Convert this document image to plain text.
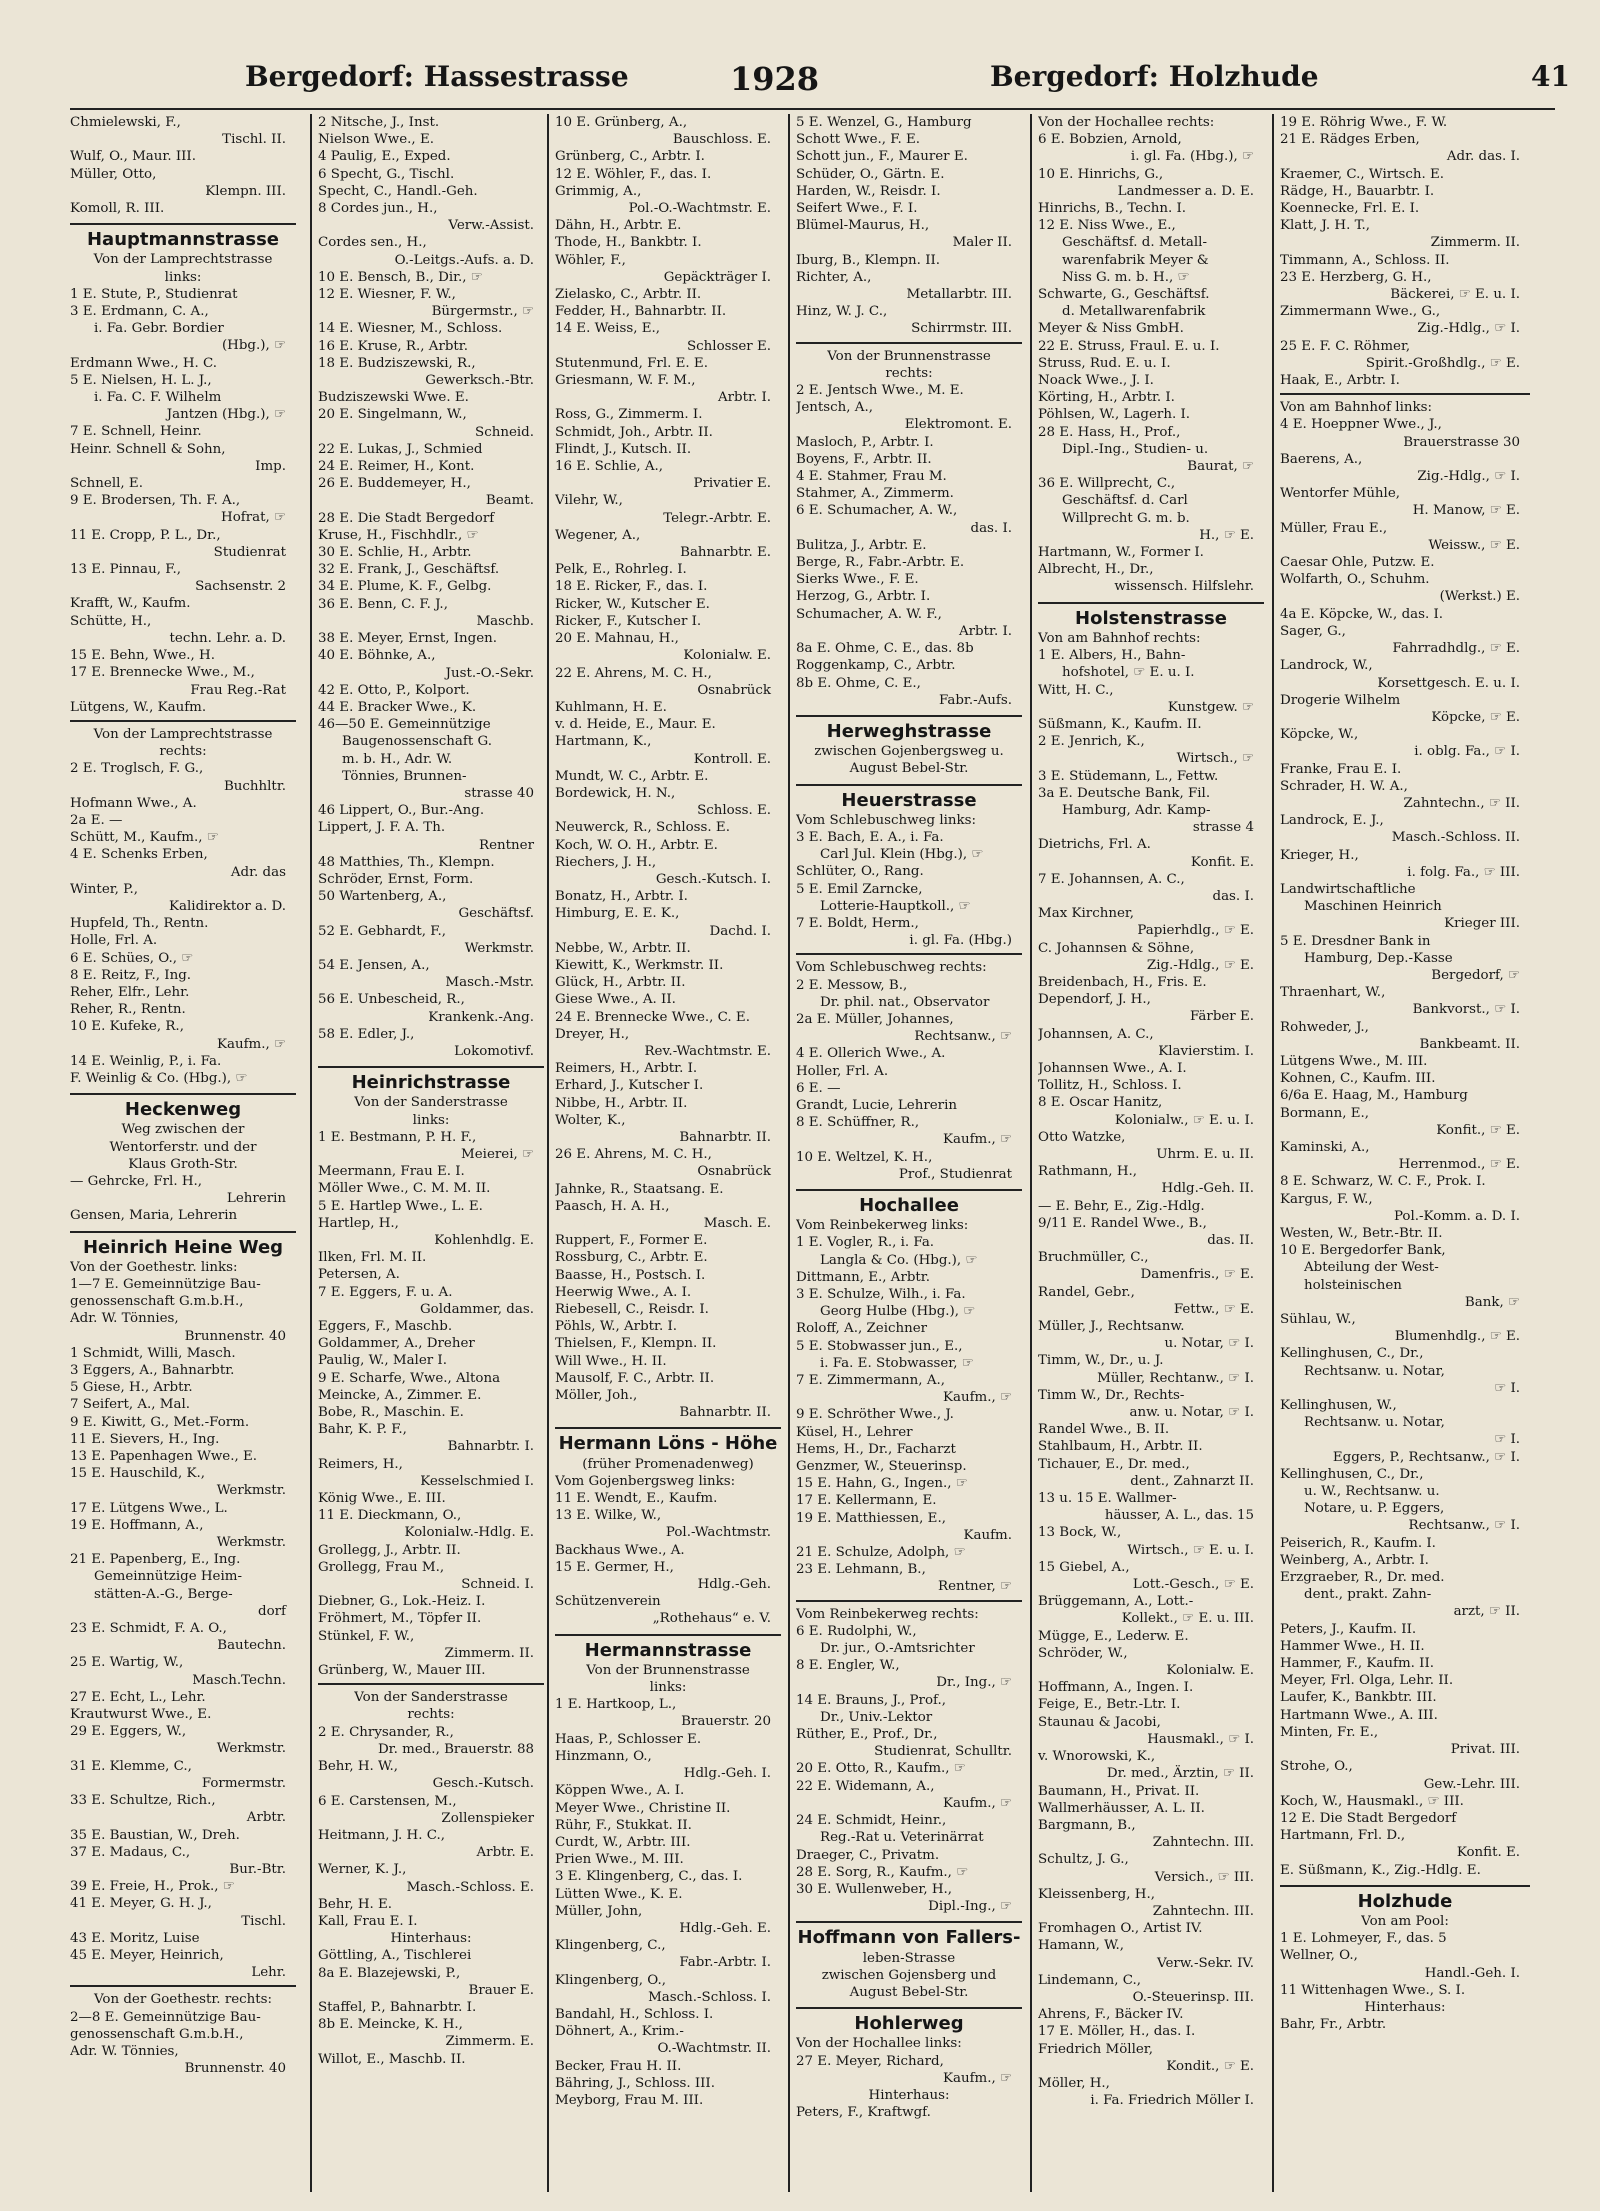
Bergedorf: Hassestrasse	1928	Bergedorf: Holzhude	41
Chmielewski, F.,
Tischl. II.
Wulf, O., Maur. III.
Müller, Otto,
Klempn. III.
Komoll, R. III.
Hauptmannstrasse
Von der Lamprechtstrasse
links:
1 E. Stute, P., Studienrat
3 E. Erdmann, C. A.,
i. Fa. Gebr. Bordier
(Hbg.), ☞
Erdmann Wwe., H. C.
5 E. Nielsen, H. L. J.,
i. Fa. C. F. Wilhelm
Jantzen (Hbg.), ☞
7 E. Schnell, Heinr.
Heinr. Schnell & Sohn,
Imp.
Schnell, E.
9 E. Brodersen, Th. F. A.,
Hofrat, ☞
11 E. Cropp, P. L., Dr.,
Studienrat
13 E. Pinnau, F.,
Sachsenstr. 2
Krafft, W., Kaufm.
Schütte, H.,
techn. Lehr. a. D.
15 E. Behn, Wwe., H.
17 E. Brennecke Wwe., M.,
Frau Reg.-Rat
Lütgens, W., Kaufm.
Von der Lamprechtstrasse
rechts:
2 E. Troglsch, F. G.,
Buchhltr.
Hofmann Wwe., A.
2a E. —
Schütt, M., Kaufm., ☞
4 E. Schenks Erben,
Adr. das
Winter, P.,
Kalidirektor a. D.
Hupfeld, Th., Rentn.
Holle, Frl. A.
6 E. Schües, O., ☞
8 E. Reitz, F., Ing.
Reher, Elfr., Lehr.
Reher, R., Rentn.
10 E. Kufeke, R.,
Kaufm., ☞
14 E. Weinlig, P., i. Fa.
F. Weinlig & Co. (Hbg.), ☞
Heckenweg
Weg zwischen der
Wentorferstr. und der
Klaus Groth-Str.
— Gehrcke, Frl. H.,
Lehrerin
Gensen, Maria, Lehrerin
Heinrich Heine Weg
Von der Goethestr. links:
1—7 E. Gemeinnützige Bau-
genossenschaft G.m.b.H.,
Adr. W. Tönnies,
Brunnenstr. 40
1 Schmidt, Willi, Masch.
3 Eggers, A., Bahnarbtr.
5 Giese, H., Arbtr.
7 Seifert, A., Mal.
9 E. Kiwitt, G., Met.-Form.
11 E. Sievers, H., Ing.
13 E. Papenhagen Wwe., E.
15 E. Hauschild, K.,
Werkmstr.
17 E. Lütgens Wwe., L.
19 E. Hoffmann, A.,
Werkmstr.
21 E. Papenberg, E., Ing.
Gemeinnützige Heim-
stätten-A.-G., Berge-
dorf
23 E. Schmidt, F. A. O.,
Bautechn.
25 E. Wartig, W.,
Masch.Techn.
27 E. Echt, L., Lehr.
Krautwurst Wwe., E.
29 E. Eggers, W.,
Werkmstr.
31 E. Klemme, C.,
Formermstr.
33 E. Schultze, Rich.,
Arbtr.
35 E. Baustian, W., Dreh.
37 E. Madaus, C.,
Bur.-Btr.
39 E. Freie, H., Prok., ☞
41 E. Meyer, G. H. J.,
Tischl.
43 E. Moritz, Luise
45 E. Meyer, Heinrich,
Lehr.
Von der Goethestr. rechts:
2—8 E. Gemeinnützige Bau-
genossenschaft G.m.b.H.,
Adr. W. Tönnies,
Brunnenstr. 40
2 Nitsche, J., Inst.
Nielson Wwe., E.
4 Paulig, E., Exped.
6 Specht, G., Tischl.
Specht, C., Handl.-Geh.
8 Cordes jun., H.,
Verw.-Assist.
Cordes sen., H.,
O.-Leitgs.-Aufs. a. D.
10 E. Bensch, B., Dir., ☞
12 E. Wiesner, F. W.,
Bürgermstr., ☞
14 E. Wiesner, M., Schloss.
16 E. Kruse, R., Arbtr.
18 E. Budziszewski, R.,
Gewerksch.-Btr.
Budziszewski Wwe. E.
20 E. Singelmann, W.,
Schneid.
22 E. Lukas, J., Schmied
24 E. Reimer, H., Kont.
26 E. Buddemeyer, H.,
Beamt.
28 E. Die Stadt Bergedorf
Kruse, H., Fischhdlr., ☞
30 E. Schlie, H., Arbtr.
32 E. Frank, J., Geschäftsf.
34 E. Plume, K. F., Gelbg.
36 E. Benn, C. F. J.,
Maschb.
38 E. Meyer, Ernst, Ingen.
40 E. Böhnke, A.,
Just.-O.-Sekr.
42 E. Otto, P., Kolport.
44 E. Bracker Wwe., K.
46—50 E. Gemeinnützige
Baugenossenschaft G.
m. b. H., Adr. W.
Tönnies, Brunnen-
strasse 40
46 Lippert, O., Bur.-Ang.
Lippert, J. F. A. Th.
Rentner
48 Matthies, Th., Klempn.
Schröder, Ernst, Form.
50 Wartenberg, A.,
Geschäftsf.
52 E. Gebhardt, F.,
Werkmstr.
54 E. Jensen, A.,
Masch.-Mstr.
56 E. Unbescheid, R.,
Krankenk.-Ang.
58 E. Edler, J.,
Lokomotivf.
Heinrichstrasse
Von der Sanderstrasse
links:
1 E. Bestmann, P. H. F.,
Meierei, ☞
Meermann, Frau E. I.
Möller Wwe., C. M. M. II.
5 E. Hartlep Wwe., L. E.
Hartlep, H.,
Kohlenhdlg. E.
Ilken, Frl. M. II.
Petersen, A.
7 E. Eggers, F. u. A.
Goldammer, das.
Eggers, F., Maschb.
Goldammer, A., Dreher
Paulig, W., Maler I.
9 E. Scharfe, Wwe., Altona
Meincke, A., Zimmer. E.
Bobe, R., Maschin. E.
Bahr, K. P. F.,
Bahnarbtr. I.
Reimers, H.,
Kesselschmied I.
König Wwe., E. III.
11 E. Dieckmann, O.,
Kolonialw.-Hdlg. E.
Grollegg, J., Arbtr. II.
Grollegg, Frau M.,
Schneid. I.
Diebner, G., Lok.-Heiz. I.
Fröhmert, M., Töpfer II.
Stünkel, F. W.,
Zimmerm. II.
Grünberg, W., Mauer III.
Von der Sanderstrasse
rechts:
2 E. Chrysander, R.,
Dr. med., Brauerstr. 88
Behr, H. W.,
Gesch.-Kutsch.
6 E. Carstensen, M.,
Zollenspieker
Heitmann, J. H. C.,
Arbtr. E.
Werner, K. J.,
Masch.-Schloss. E.
Behr, H. E.
Kall, Frau E. I.
Hinterhaus:
Göttling, A., Tischlerei
8a E. Blazejewski, P.,
Brauer E.
Staffel, P., Bahnarbtr. I.
8b E. Meincke, K. H.,
Zimmerm. E.
Willot, E., Maschb. II.
10 E. Grünberg, A.,
Bauschloss. E.
Grünberg, C., Arbtr. I.
12 E. Wöhler, F., das. I.
Grimmig, A.,
Pol.-O.-Wachtmstr. E.
Dähn, H., Arbtr. E.
Thode, H., Bankbtr. I.
Wöhler, F.,
Gepäckträger I.
Zielasko, C., Arbtr. II.
Fedder, H., Bahnarbtr. II.
14 E. Weiss, E.,
Schlosser E.
Stutenmund, Frl. E. E.
Griesmann, W. F. M.,
Arbtr. I.
Ross, G., Zimmerm. I.
Schmidt, Joh., Arbtr. II.
Flindt, J., Kutsch. II.
16 E. Schlie, A.,
Privatier E.
Vilehr, W.,
Telegr.-Arbtr. E.
Wegener, A.,
Bahnarbtr. E.
Pelk, E., Rohrleg. I.
18 E. Ricker, F., das. I.
Ricker, W., Kutscher E.
Ricker, F., Kutscher I.
20 E. Mahnau, H.,
Kolonialw. E.
22 E. Ahrens, M. C. H.,
Osnabrück
Kuhlmann, H. E.
v. d. Heide, E., Maur. E.
Hartmann, K.,
Kontroll. E.
Mundt, W. C., Arbtr. E.
Bordewick, H. N.,
Schloss. E.
Neuwerck, R., Schloss. E.
Koch, W. O. H., Arbtr. E.
Riechers, J. H.,
Gesch.-Kutsch. I.
Bonatz, H., Arbtr. I.
Himburg, E. E. K.,
Dachd. I.
Nebbe, W., Arbtr. II.
Kiewitt, K., Werkmstr. II.
Glück, H., Arbtr. II.
Giese Wwe., A. II.
24 E. Brennecke Wwe., C. E.
Dreyer, H.,
Rev.-Wachtmstr. E.
Reimers, H., Arbtr. I.
Erhard, J., Kutscher I.
Nibbe, H., Arbtr. II.
Wolter, K.,
Bahnarbtr. II.
26 E. Ahrens, M. C. H.,
Osnabrück
Jahnke, R., Staatsang. E.
Paasch, H. A. H.,
Masch. E.
Ruppert, F., Former E.
Rossburg, C., Arbtr. E.
Baasse, H., Postsch. I.
Heerwig Wwe., A. I.
Riebesell, C., Reisdr. I.
Pöhls, W., Arbtr. I.
Thielsen, F., Klempn. II.
Will Wwe., H. II.
Mausolf, F. C., Arbtr. II.
Möller, Joh.,
Bahnarbtr. II.
Hermann Löns - Höhe
(früher Promenadenweg)
Vom Gojenbergsweg links:
11 E. Wendt, E., Kaufm.
13 E. Wilke, W.,
Pol.-Wachtmstr.
Backhaus Wwe., A.
15 E. Germer, H.,
Hdlg.-Geh.
Schützenverein
„Rothehaus“ e. V.
Hermannstrasse
Von der Brunnenstrasse
links:
1 E. Hartkoop, L.,
Brauerstr. 20
Haas, P., Schlosser E.
Hinzmann, O.,
Hdlg.-Geh. I.
Köppen Wwe., A. I.
Meyer Wwe., Christine II.
Rühr, F., Stukkat. II.
Curdt, W., Arbtr. III.
Prien Wwe., M. III.
3 E. Klingenberg, C., das. I.
Lütten Wwe., K. E.
Müller, John,
Hdlg.-Geh. E.
Klingenberg, C.,
Fabr.-Arbtr. I.
Klingenberg, O.,
Masch.-Schloss. I.
Bandahl, H., Schloss. I.
Döhnert, A., Krim.-
O.-Wachtmstr. II.
Becker, Frau H. II.
Bähring, J., Schloss. III.
Meyborg, Frau M. III.
5 E. Wenzel, G., Hamburg
Schott Wwe., F. E.
Schott jun., F., Maurer E.
Schüder, O., Gärtn. E.
Harden, W., Reisdr. I.
Seifert Wwe., F. I.
Blümel-Maurus, H.,
Maler II.
Iburg, B., Klempn. II.
Richter, A.,
Metallarbtr. III.
Hinz, W. J. C.,
Schirrmstr. III.
Von der Brunnenstrasse
rechts:
2 E. Jentsch Wwe., M. E.
Jentsch, A.,
Elektromont. E.
Masloch, P., Arbtr. I.
Boyens, F., Arbtr. II.
4 E. Stahmer, Frau M.
Stahmer, A., Zimmerm.
6 E. Schumacher, A. W.,
das. I.
Bulitza, J., Arbtr. E.
Berge, R., Fabr.-Arbtr. E.
Sierks Wwe., F. E.
Herzog, G., Arbtr. I.
Schumacher, A. W. F.,
Arbtr. I.
8a E. Ohme, C. E., das. 8b
Roggenkamp, C., Arbtr.
8b E. Ohme, C. E.,
Fabr.-Aufs.
Herweghstrasse
zwischen Gojenbergsweg u.
August Bebel-Str.
Heuerstrasse
Vom Schlebuschweg links:
3 E. Bach, E. A., i. Fa.
Carl Jul. Klein (Hbg.), ☞
Schlüter, O., Rang.
5 E. Emil Zarncke,
Lotterie-Hauptkoll., ☞
7 E. Boldt, Herm.,
i. gl. Fa. (Hbg.)
Vom Schlebuschweg rechts:
2 E. Messow, B.,
Dr. phil. nat., Observator
2a E. Müller, Johannes,
Rechtsanw., ☞
4 E. Ollerich Wwe., A.
Holler, Frl. A.
6 E. —
Grandt, Lucie, Lehrerin
8 E. Schüffner, R.,
Kaufm., ☞
10 E. Weltzel, K. H.,
Prof., Studienrat
Hochallee
Vom Reinbekerweg links:
1 E. Vogler, R., i. Fa.
Langla & Co. (Hbg.), ☞
Dittmann, E., Arbtr.
3 E. Schulze, Wilh., i. Fa.
Georg Hulbe (Hbg.), ☞
Roloff, A., Zeichner
5 E. Stobwasser jun., E.,
i. Fa. E. Stobwasser, ☞
7 E. Zimmermann, A.,
Kaufm., ☞
9 E. Schröther Wwe., J.
Küsel, H., Lehrer
Hems, H., Dr., Facharzt
Genzmer, W., Steuerinsp.
15 E. Hahn, G., Ingen., ☞
17 E. Kellermann, E.
19 E. Matthiessen, E.,
Kaufm.
21 E. Schulze, Adolph, ☞
23 E. Lehmann, B.,
Rentner, ☞
Vom Reinbekerweg rechts:
6 E. Rudolphi, W.,
Dr. jur., O.-Amtsrichter
8 E. Engler, W.,
Dr., Ing., ☞
14 E. Brauns, J., Prof.,
Dr., Univ.-Lektor
Rüther, E., Prof., Dr.,
Studienrat, Schulltr.
20 E. Otto, R., Kaufm., ☞
22 E. Widemann, A.,
Kaufm., ☞
24 E. Schmidt, Heinr.,
Reg.-Rat u. Veterinärrat
Draeger, C., Privatm.
28 E. Sorg, R., Kaufm., ☞
30 E. Wullenweber, H.,
Dipl.-Ing., ☞
Hoffmann von Fallers-
leben-Strasse
zwischen Gojensberg und
August Bebel-Str.
Hohlerweg
Von der Hochallee links:
27 E. Meyer, Richard,
Kaufm., ☞
Hinterhaus:
Peters, F., Kraftwgf.
Von der Hochallee rechts:
6 E. Bobzien, Arnold,
i. gl. Fa. (Hbg.), ☞
10 E. Hinrichs, G.,
Landmesser a. D. E.
Hinrichs, B., Techn. I.
12 E. Niss Wwe., E.,
Geschäftsf. d. Metall-
warenfabrik Meyer &
Niss G. m. b. H., ☞
Schwarte, G., Geschäftsf.
d. Metallwarenfabrik
Meyer & Niss GmbH.
22 E. Struss, Fraul. E. u. I.
Struss, Rud. E. u. I.
Noack Wwe., J. I.
Körting, H., Arbtr. I.
Pöhlsen, W., Lagerh. I.
28 E. Hass, H., Prof.,
Dipl.-Ing., Studien- u.
Baurat, ☞
36 E. Willprecht, C.,
Geschäftsf. d. Carl
Willprecht G. m. b.
H., ☞ E.
Hartmann, W., Former I.
Albrecht, H., Dr.,
wissensch. Hilfslehr.
Holstenstrasse
Von am Bahnhof rechts:
1 E. Albers, H., Bahn-
hofshotel, ☞ E. u. I.
Witt, H. C.,
Kunstgew. ☞
Süßmann, K., Kaufm. II.
2 E. Jenrich, K.,
Wirtsch., ☞
3 E. Stüdemann, L., Fettw.
3a E. Deutsche Bank, Fil.
Hamburg, Adr. Kamp-
strasse 4
Dietrichs, Frl. A.
Konfit. E.
7 E. Johannsen, A. C.,
das. I.
Max Kirchner,
Papierhdlg., ☞ E.
C. Johannsen & Söhne,
Zig.-Hdlg., ☞ E.
Breidenbach, H., Fris. E.
Dependorf, J. H.,
Färber E.
Johannsen, A. C.,
Klavierstim. I.
Johannsen Wwe., A. I.
Tollitz, H., Schloss. I.
8 E. Oscar Hanitz,
Kolonialw., ☞ E. u. I.
Otto Watzke,
Uhrm. E. u. II.
Rathmann, H.,
Hdlg.-Geh. II.
— E. Behr, E., Zig.-Hdlg.
9/11 E. Randel Wwe., B.,
das. II.
Bruchmüller, C.,
Damenfris., ☞ E.
Randel, Gebr.,
Fettw., ☞ E.
Müller, J., Rechtsanw.
u. Notar, ☞ I.
Timm, W., Dr., u. J.
Müller, Rechtanw., ☞ I.
Timm W., Dr., Rechts-
anw. u. Notar, ☞ I.
Randel Wwe., B. II.
Stahlbaum, H., Arbtr. II.
Tichauer, E., Dr. med.,
dent., Zahnarzt II.
13 u. 15 E. Wallmer-
häusser, A. L., das. 15
13 Bock, W.,
Wirtsch., ☞ E. u. I.
15 Giebel, A.,
Lott.-Gesch., ☞ E.
Brüggemann, A., Lott.-
Kollekt., ☞ E. u. III.
Mügge, E., Lederw. E.
Schröder, W.,
Kolonialw. E.
Hoffmann, A., Ingen. I.
Feige, E., Betr.-Ltr. I.
Staunau & Jacobi,
Hausmakl., ☞ I.
v. Wnorowski, K.,
Dr. med., Ärztin, ☞ II.
Baumann, H., Privat. II.
Wallmerhäusser, A. L. II.
Bargmann, B.,
Zahntechn. III.
Schultz, J. G.,
Versich., ☞ III.
Kleissenberg, H.,
Zahntechn. III.
Fromhagen O., Artist IV.
Hamann, W.,
Verw.-Sekr. IV.
Lindemann, C.,
O.-Steuerinsp. III.
Ahrens, F., Bäcker IV.
17 E. Möller, H., das. I.
Friedrich Möller,
Kondit., ☞ E.
Möller, H.,
i. Fa. Friedrich Möller I.
19 E. Röhrig Wwe., F. W.
21 E. Rädges Erben,
Adr. das. I.
Kraemer, C., Wirtsch. E.
Rädge, H., Bauarbtr. I.
Koennecke, Frl. E. I.
Klatt, J. H. T.,
Zimmerm. II.
Timmann, A., Schloss. II.
23 E. Herzberg, G. H.,
Bäckerei, ☞ E. u. I.
Zimmermann Wwe., G.,
Zig.-Hdlg., ☞ I.
25 E. F. C. Röhmer,
Spirit.-Großhdlg., ☞ E.
Haak, E., Arbtr. I.
Von am Bahnhof links:
4 E. Hoeppner Wwe., J.,
Brauerstrasse 30
Baerens, A.,
Zig.-Hdlg., ☞ I.
Wentorfer Mühle,
H. Manow, ☞ E.
Müller, Frau E.,
Weissw., ☞ E.
Caesar Ohle, Putzw. E.
Wolfarth, O., Schuhm.
(Werkst.) E.
4a E. Köpcke, W., das. I.
Sager, G.,
Fahrradhdlg., ☞ E.
Landrock, W.,
Korsettgesch. E. u. I.
Drogerie Wilhelm
Köpcke, ☞ E.
Köpcke, W.,
i. oblg. Fa., ☞ I.
Franke, Frau E. I.
Schrader, H. W. A.,
Zahntechn., ☞ II.
Landrock, E. J.,
Masch.-Schloss. II.
Krieger, H.,
i. folg. Fa., ☞ III.
Landwirtschaftliche
Maschinen Heinrich
Krieger III.
5 E. Dresdner Bank in
Hamburg, Dep.-Kasse
Bergedorf, ☞
Thraenhart, W.,
Bankvorst., ☞ I.
Rohweder, J.,
Bankbeamt. II.
Lütgens Wwe., M. III.
Kohnen, C., Kaufm. III.
6/6a E. Haag, M., Hamburg
Bormann, E.,
Konfit., ☞ E.
Kaminski, A.,
Herrenmod., ☞ E.
8 E. Schwarz, W. C. F., Prok. I.
Kargus, F. W.,
Pol.-Komm. a. D. I.
Westen, W., Betr.-Btr. II.
10 E. Bergedorfer Bank,
Abteilung der West-
holsteinischen
Bank, ☞
Sühlau, W.,
Blumenhdlg., ☞ E.
Kellinghusen, C., Dr.,
Rechtsanw. u. Notar,
☞ I.
Kellinghusen, W.,
Rechtsanw. u. Notar,
☞ I.
Eggers, P., Rechtsanw., ☞ I.
Kellinghusen, C., Dr.,
u. W., Rechtsanw. u.
Notare, u. P. Eggers,
Rechtsanw., ☞ I.
Peiserich, R., Kaufm. I.
Weinberg, A., Arbtr. I.
Erzgraeber, R., Dr. med.
dent., prakt. Zahn-
arzt, ☞ II.
Peters, J., Kaufm. II.
Hammer Wwe., H. II.
Hammer, F., Kaufm. II.
Meyer, Frl. Olga, Lehr. II.
Laufer, K., Bankbtr. III.
Hartmann Wwe., A. III.
Minten, Fr. E.,
Privat. III.
Strohe, O.,
Gew.-Lehr. III.
Koch, W., Hausmakl., ☞ III.
12 E. Die Stadt Bergedorf
Hartmann, Frl. D.,
Konfit. E.
E. Süßmann, K., Zig.-Hdlg. E.
Holzhude
Von am Pool:
1 E. Lohmeyer, F., das. 5
Wellner, O.,
Handl.-Geh. I.
11 Wittenhagen Wwe., S. I.
Hinterhaus:
Bahr, Fr., Arbtr.
